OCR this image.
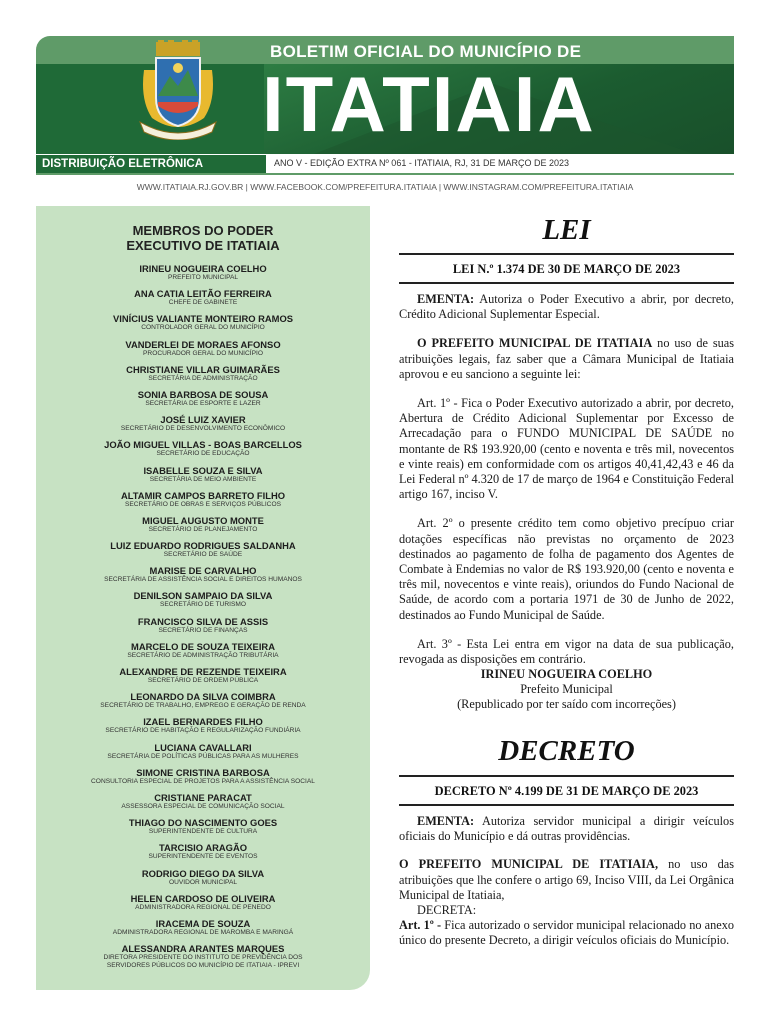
BOLETIM OFICIAL DO MUNICÍPIO DE
ITATIAIA
DISTRIBUIÇÃO ELETRÔNICA	ANO V - EDIÇÃO EXTRA Nº 061 - ITATIAIA, RJ, 31 DE MARÇO DE 2023
WWW.ITATIAIA.RJ.GOV.BR | WWW.FACEBOOK.COM/PREFEITURA.ITATIAIA | WWW.INSTAGRAM.COM/PREFEITURA.ITATIAIA
MEMBROS DO PODER
EXECUTIVO DE ITATIAIA
IRINEU NOGUEIRA COELHO
PREFEITO MUNICIPAL
ANA CATIA LEITÃO FERREIRA
CHEFE DE GABINETE
VINÍCIUS VALIANTE MONTEIRO RAMOS
CONTROLADOR GERAL DO MUNICÍPIO
VANDERLEI DE MORAES AFONSO
PROCURADOR GERAL DO MUNICÍPIO
CHRISTIANE VILLAR GUIMARÃES
SECRETÁRIA DE ADMINISTRAÇÃO
SONIA BARBOSA DE SOUSA
SECRETÁRIA DE ESPORTE E LAZER
JOSÉ LUIZ XAVIER
SECRETÁRIO DE DESENVOLVIMENTO ECONÔMICO
JOÃO MIGUEL VILLAS - BOAS BARCELLOS
SECRETÁRIO DE EDUCAÇÃO
ISABELLE SOUZA E SILVA
SECRETÁRIA DE MEIO AMBIENTE
ALTAMIR CAMPOS BARRETO FILHO
SECRETÁRIO DE OBRAS E SERVIÇOS PÚBLICOS
MIGUEL AUGUSTO MONTE
SECRETÁRIO DE PLANEJAMENTO
LUIZ EDUARDO RODRIGUES SALDANHA
SECRETÁRIO DE SAÚDE
MARISE DE CARVALHO
SECRETÁRIA DE ASSISTÊNCIA SOCIAL E DIREITOS HUMANOS
DENILSON SAMPAIO DA SILVA
SECRETÁRIO DE TURISMO
FRANCISCO SILVA DE ASSIS
SECRETÁRIO DE FINANÇAS
MARCELO DE SOUZA TEIXEIRA
SECRETÁRIO DE ADMINISTRAÇÃO TRIBUTÁRIA
ALEXANDRE DE REZENDE TEIXEIRA
SECRETÁRIO DE ORDEM PÚBLICA
LEONARDO DA SILVA COIMBRA
SECRETÁRIO DE TRABALHO, EMPREGO E GERAÇÃO DE RENDA
IZAEL BERNARDES FILHO
SECRETÁRIO DE HABITAÇÃO E REGULARIZAÇÃO FUNDIÁRIA
LUCIANA CAVALLARI
SECRETÁRIA DE POLÍTICAS PÚBLICAS PARA AS MULHERES
SIMONE CRISTINA BARBOSA
CONSULTORIA ESPECIAL DE PROJETOS PARA A ASSISTÊNCIA SOCIAL
CRISTIANE PARACAT
ASSESSORA ESPECIAL DE COMUNICAÇÃO SOCIAL
THIAGO DO NASCIMENTO GOES
SUPERINTENDENTE DE CULTURA
TARCISIO ARAGÃO
SUPERINTENDENTE DE EVENTOS
RODRIGO DIEGO DA SILVA
OUVIDOR MUNICIPAL
HELEN CARDOSO DE OLIVEIRA
ADMINISTRADORA REGIONAL DE PENEDO
IRACEMA DE SOUZA
ADMINISTRADORA REGIONAL DE MAROMBA E MARINGÁ
ALESSANDRA ARANTES MARQUES
DIRETORA PRESIDENTE DO INSTITUTO DE PREVIDÊNCIA DOS
SERVIDORES PÚBLICOS DO MUNICÍPIO DE ITATIAIA - IPREVI
LEI
LEI N.º 1.374 DE 30 DE MARÇO DE 2023

EMENTA: Autoriza o Poder Executivo a abrir, por decreto, Crédito Adicional Suplementar Especial.

O PREFEITO MUNICIPAL DE ITATIAIA no uso de suas atribuições legais, faz saber que a Câmara Municipal de Itatiaia aprovou e eu sanciono a seguinte lei:

Art. 1º - Fica o Poder Executivo autorizado a abrir, por decreto, Abertura de Crédito Adicional Suplementar por Excesso de Arrecadação para o FUNDO MUNICIPAL DE SAÚDE no montante de R$ 193.920,00 (cento e noventa e três mil, novecentos e vinte reais) em conformidade com os artigos 40,41,42,43 e 46 da Lei Federal nº 4.320 de 17 de março de 1964 e Constituição Federal artigo 167, inciso V.

Art. 2º o presente crédito tem como objetivo precípuo criar dotações específicas não previstas no orçamento de 2023 destinados ao pagamento de folha de pagamento dos Agentes de Combate à Endemias no valor de R$ 193.920,00 (cento e noventa e três mil, novecentos e vinte reais), oriundos do Fundo Nacional de Saúde, de acordo com a portaria 1971 de 30 de Junho de 2022, destinados ao Fundo Municipal de Saúde.

Art. 3º - Esta Lei entra em vigor na data de sua publicação, revogada as disposições em contrário.

IRINEU NOGUEIRA COELHO
Prefeito Municipal
(Republicado por ter saído com incorreções)
DECRETO
DECRETO Nº 4.199 DE 31 DE MARÇO DE 2023

EMENTA: Autoriza servidor municipal a dirigir veículos oficiais do Município e dá outras providências.

O PREFEITO MUNICIPAL DE ITATIAIA, no uso das atribuições que lhe confere o artigo 69, Inciso VIII, da Lei Orgânica Municipal de Itatiaia,

DECRETA:

Art. 1º - Fica autorizado o servidor municipal relacionado no anexo único do presente Decreto, a dirigir veículos oficiais do Município.
